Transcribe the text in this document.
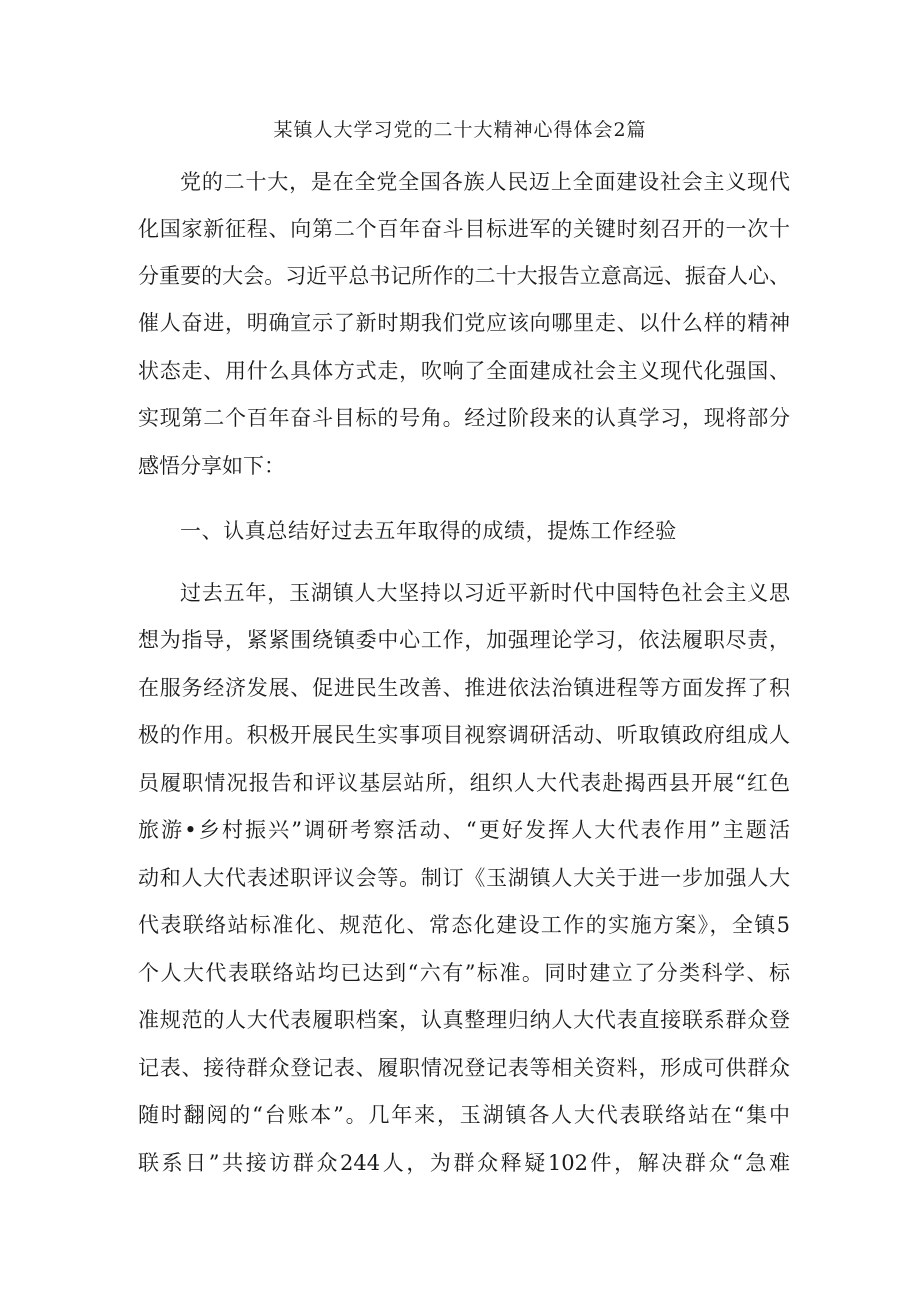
某镇人大学习党的二十大精神心得体会2篇
党的二十大，是在全党全国各族人民迈上全面建设社会主义现代
化国家新征程、向第二个百年奋斗目标进军的关键时刻召开的一次十
分重要的大会。习近平总书记所作的二十大报告立意高远、振奋人心、
催人奋进，明确宣示了新时期我们党应该向哪里走、以什么样的精神
状态走、用什么具体方式走，吹响了全面建成社会主义现代化强国、
实现第二个百年奋斗目标的号角。经过阶段来的认真学习，现将部分
感悟分享如下：
一、认真总结好过去五年取得的成绩，提炼工作经验
过去五年，玉湖镇人大坚持以习近平新时代中国特色社会主义思
想为指导，紧紧围绕镇委中心工作，加强理论学习，依法履职尽责，
在服务经济发展、促进民生改善、推进依法治镇进程等方面发挥了积
极的作用。积极开展民生实事项目视察调研活动、听取镇政府组成人
员履职情况报告和评议基层站所，组织人大代表赴揭西县开展“红色
旅游•乡村振兴”调研考察活动、“更好发挥人大代表作用”主题活
动和人大代表述职评议会等。制订《玉湖镇人大关于进一步加强人大
代表联络站标准化、规范化、常态化建设工作的实施方案》，全镇5
个人大代表联络站均已达到“六有”标准。同时建立了分类科学、标
准规范的人大代表履职档案，认真整理归纳人大代表直接联系群众登
记表、接待群众登记表、履职情况登记表等相关资料，形成可供群众
随时翻阅的“台账本”。几年来，玉湖镇各人大代表联络站在“集中
联系日”共接访群众244人，为群众释疑102件，解决群众“急难
